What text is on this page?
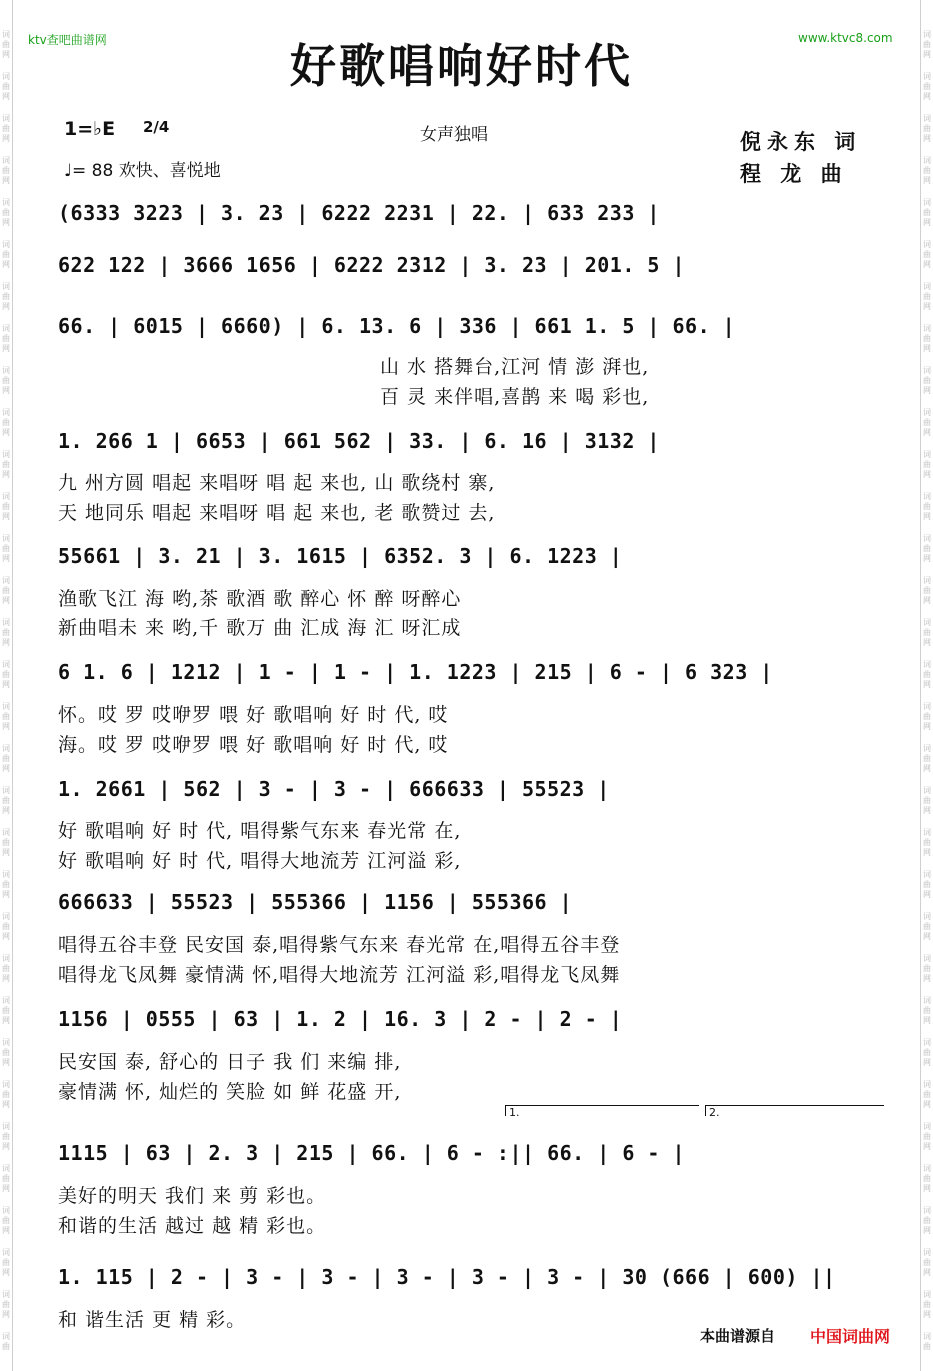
词
曲
网
词
曲
网
词
曲
网
词
曲
网
词
曲
网
词
曲
网
词
曲
网
词
曲
网
词
曲
网
词
曲
网
词
曲
网
词
曲
网
词
曲
网
词
曲
网
词
曲
网
词
曲
网
词
曲
网
词
曲
网
词
曲
网
词
曲
网
词
曲
网
词
曲
网
词
曲
网
词
曲
网
词
曲
网
词
曲
网
词
曲
网
词
曲
网
词
曲
网
词
曲
网
词
曲
网
词
曲
词
曲
网
词
曲
网
词
曲
网
词
曲
网
词
曲
网
词
曲
网
词
曲
网
词
曲
网
词
曲
网
词
曲
网
词
曲
网
词
曲
网
词
曲
网
词
曲
网
词
曲
网
词
曲
网
词
曲
网
词
曲
网
词
曲
网
词
曲
网
词
曲
网
词
曲
网
词
曲
网
词
曲
网
词
曲
网
词
曲
网
词
曲
网
词
曲
网
词
曲
网
词
曲
网
词
曲
网
词
曲
ktv查吧曲谱网	www.ktvc8.com
好歌唱响好时代
1=♭E 2/4	女声独唱
♩= 88 欢快、喜悦地
倪永东 词
程 龙 曲
(6333 3223 | 3. 23 | 6222 2231 | 22. | 633 233 |
622 122 | 3666 1656 | 6222 2312 | 3. 23 | 201. 5 |
66. | 6015 | 6660) | 6. 13. 6 | 336 | 661 1. 5 | 66. |
山 水 搭舞台,江河 情 澎 湃也,
百 灵 来伴唱,喜鹊 来 喝 彩也,
1. 266 1 | 6653 | 661 562 | 33. | 6. 16 | 3132 |
九 州方圆 唱起 来唱呀 唱 起 来也, 山 歌绕村 寨,
天 地同乐 唱起 来唱呀 唱 起 来也, 老 歌赞过 去,
55661 | 3. 21 | 3. 1615 | 6352. 3 | 6. 1223 |
渔歌飞江 海 哟,茶 歌酒 歌 醉心 怀 醉 呀醉心
新曲唱未 来 哟,千 歌万 曲 汇成 海 汇 呀汇成
6 1. 6 | 1212 | 1 - | 1 - | 1. 1223 | 215 | 6 - | 6 323 |
怀。哎 罗 哎咿罗 喂 好 歌唱响 好 时 代, 哎
海。哎 罗 哎咿罗 喂 好 歌唱响 好 时 代, 哎
1. 2661 | 562 | 3 - | 3 - | 666633 | 55523 |
好 歌唱响 好 时 代, 唱得紫气东来 春光常 在,
好 歌唱响 好 时 代, 唱得大地流芳 江河溢 彩,
666633 | 55523 | 555366 | 1156 | 555366 |
唱得五谷丰登 民安国 泰,唱得紫气东来 春光常 在,唱得五谷丰登
唱得龙飞凤舞 豪情满 怀,唱得大地流芳 江河溢 彩,唱得龙飞凤舞
1156 | 0555 | 63 | 1. 2 | 16. 3 | 2 - | 2 - |
民安国 泰, 舒心的 日子 我 们 来编 排,
豪情满 怀, 灿烂的 笑脸 如 鲜 花盛 开,
1.	2.
1115 | 63 | 2. 3 | 215 | 66. | 6 - :|| 66. | 6 - |
美好的明天 我们 来 剪 彩也。
和谐的生活 越过 越 精 彩也。
1. 115 | 2 - | 3 - | 3 - | 3 - | 3 - | 3 - | 30 (666 | 600) ||
和 谐生活 更 精 彩。
本曲谱源自 中国词曲网
